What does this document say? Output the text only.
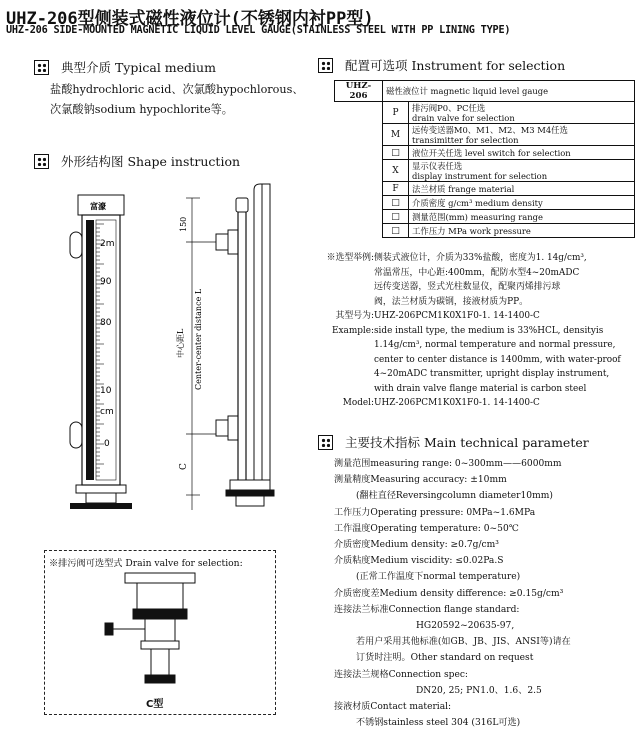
UHZ-206型侧装式磁性液位计(不锈钢内衬PP型)
UHZ-206 SIDE-MOUNTED MAGNETIC LIQUID LEVEL GAUGE(STAINLESS STEEL WITH PP LINING TYPE)
典型介质 Typical medium
盐酸hydrochloric acid、次氯酸hypochlorous、
次氯酸钠sodium hypochlorite等。
外形结构图 Shape instruction
富濠
2m
90
80
10
cm
0
150
中心距L Center-center distance L
C
※排污阀可选型式 Drain valve for selection:
C型
配置可选项 Instrument for selection
UHZ-206	磁性液位计 magnetic liquid level gauge	
	P	排污阀P0、PC任选
drain valve for selection

	M	远传变送器M0、M1、M2、M3 M4任选
transimitter for selection

	□	液位开关任选 level switch for selection
	X	显示仪表任选
display instrument for selection

	F	法兰材质 frange material
	□	介质密度 g/cm³ medium density
	□	测量范围(mm) measuring range
	□	工作压力 MPa work pressure
※选型举例: 侧装式液位计，介质为33%盐酸，密度为1. 14g/cm³,
常温常压，中心距:400mm，配防水型4~20mADC
远传变送器，竖式光柱数显仪，配聚丙烯排污球
阀，法兰材质为碳钢，接液材质为PP。
其型号为: UHZ-206PCM1K0X1F0-1. 14-1400-C
Example: side install type, the medium is 33%HCL, densityis
1.14g/cm³, normal temperature and normal pressure,
center to center distance is 1400mm, with water-proof
4~20mADC transmitter, upright display instrument,
with drain valve flange material is carbon steel
Model: UHZ-206PCM1K0X1F0-1. 14-1400-C
主要技术指标 Main technical parameter
测量范围measuring range: 0~300mm——6000mm
测量精度Measuring accuracy: ±10mm
(翻柱直径Reversingcolumn diameter10mm)
工作压力Operating pressure: 0MPa~1.6MPa
工作温度Operating temperature: 0~50℃
介质密度Medium density: ≥0.7g/cm³
介质粘度Medium viscidity: ≤0.02Pa.S
(正常工作温度下normal temperature)
介质密度差Medium density difference: ≥0.15g/cm³
连接法兰标准Connection flange standard:
HG20592~20635-97,
若用户采用其他标准(如GB、JB、JIS、ANSI等)请在
订货时注明。Other standard on request
连接法兰规格Connection spec:
DN20, 25; PN1.0、1.6、2.5
接液材质Contact material:
不锈钢stainless steel 304 (316L可选)
